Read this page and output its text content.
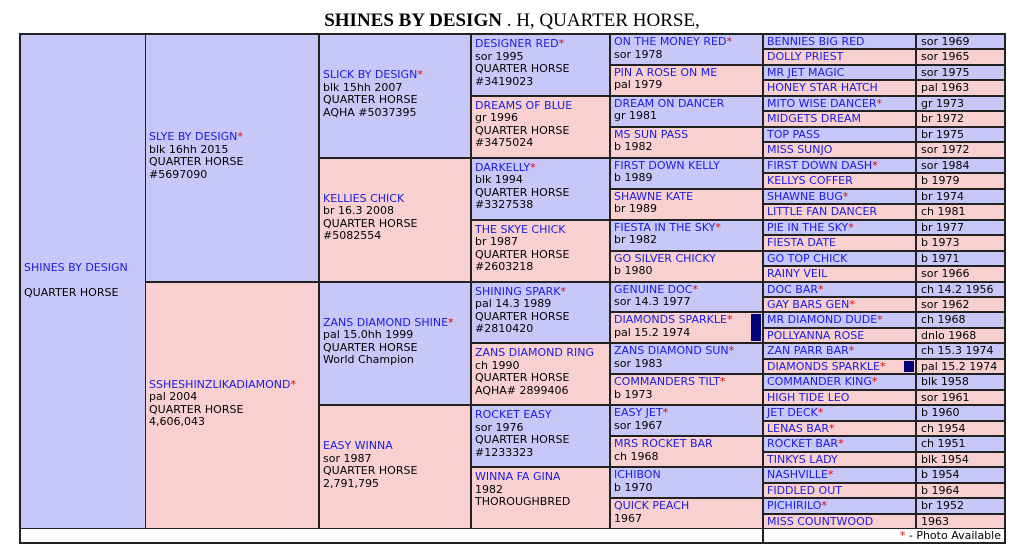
SHINES BY DESIGN . H, QUARTER HORSE,
SHINES BY DESIGN
QUARTER HORSE
SLYE BY DESIGN*
blk 16hh 2015
QUARTER HORSE
#5697090
SSHESHINZLIKADIAMOND*
pal 2004
QUARTER HORSE
4,606,043
SLICK BY DESIGN*
blk 15hh 2007
QUARTER HORSE
AQHA #5037395
KELLIES CHICK
br 16.3 2008
QUARTER HORSE
#5082554
ZANS DIAMOND SHINE*
pal 15.0hh 1999
QUARTER HORSE
World Champion
EASY WINNA
sor 1987
QUARTER HORSE
2,791,795
DESIGNER RED*
sor 1995
QUARTER HORSE
#3419023
DREAMS OF BLUE
gr 1996
QUARTER HORSE
#3475024
DARKELLY*
blk 1994
QUARTER HORSE
#3327538
THE SKYE CHICK
br 1987
QUARTER HORSE
#2603218
SHINING SPARK*
pal 14.3 1989
QUARTER HORSE
#2810420
ZANS DIAMOND RING
ch 1990
QUARTER HORSE
AQHA# 2899406
ROCKET EASY
sor 1976
QUARTER HORSE
#1233323
WINNA FA GINA
1982
THOROUGHBRED
ON THE MONEY RED*
sor 1978
PIN A ROSE ON ME
pal 1979
DREAM ON DANCER
gr 1981
MS SUN PASS
b 1982
FIRST DOWN KELLY
b 1989
SHAWNE KATE
br 1989
FIESTA IN THE SKY*
br 1982
GO SILVER CHICKY
b 1980
GENUINE DOC*
sor 14.3 1977
DIAMONDS SPARKLE*
pal 15.2 1974
ZANS DIAMOND SUN*
sor 1983
COMMANDERS TILT*
b 1973
EASY JET*
sor 1967
MRS ROCKET BAR
ch 1968
ICHIBON
b 1970
QUICK PEACH
1967
BENNIES BIG RED	sor 1969
DOLLY PRIEST	sor 1965
MR JET MAGIC	sor 1975
HONEY STAR HATCH	pal 1963
MITO WISE DANCER*	gr 1973
MIDGETS DREAM	br 1972
TOP PASS	br 1975
MISS SUNJO	sor 1972
FIRST DOWN DASH*	sor 1984
KELLYS COFFER	b 1979
SHAWNE BUG*	br 1974
LITTLE FAN DANCER	ch 1981
PIE IN THE SKY*	br 1977
FIESTA DATE	b 1973
GO TOP CHICK	b 1971
RAINY VEIL	sor 1966
DOC BAR*	ch 14.2 1956
GAY BARS GEN*	sor 1962
MR DIAMOND DUDE*	ch 1968
POLLYANNA ROSE	dnlo 1968
ZAN PARR BAR*	ch 15.3 1974
DIAMONDS SPARKLE*	pal 15.2 1974
COMMANDER KING*	blk 1958
HIGH TIDE LEO	sor 1961
JET DECK*	b 1960
LENAS BAR*	ch 1954
ROCKET BAR*	ch 1951
TINKYS LADY	blk 1954
NASHVILLE*	b 1954
FIDDLED OUT	b 1964
PICHIRILO*	br 1952
MISS COUNTWOOD	1963
* - Photo Available
